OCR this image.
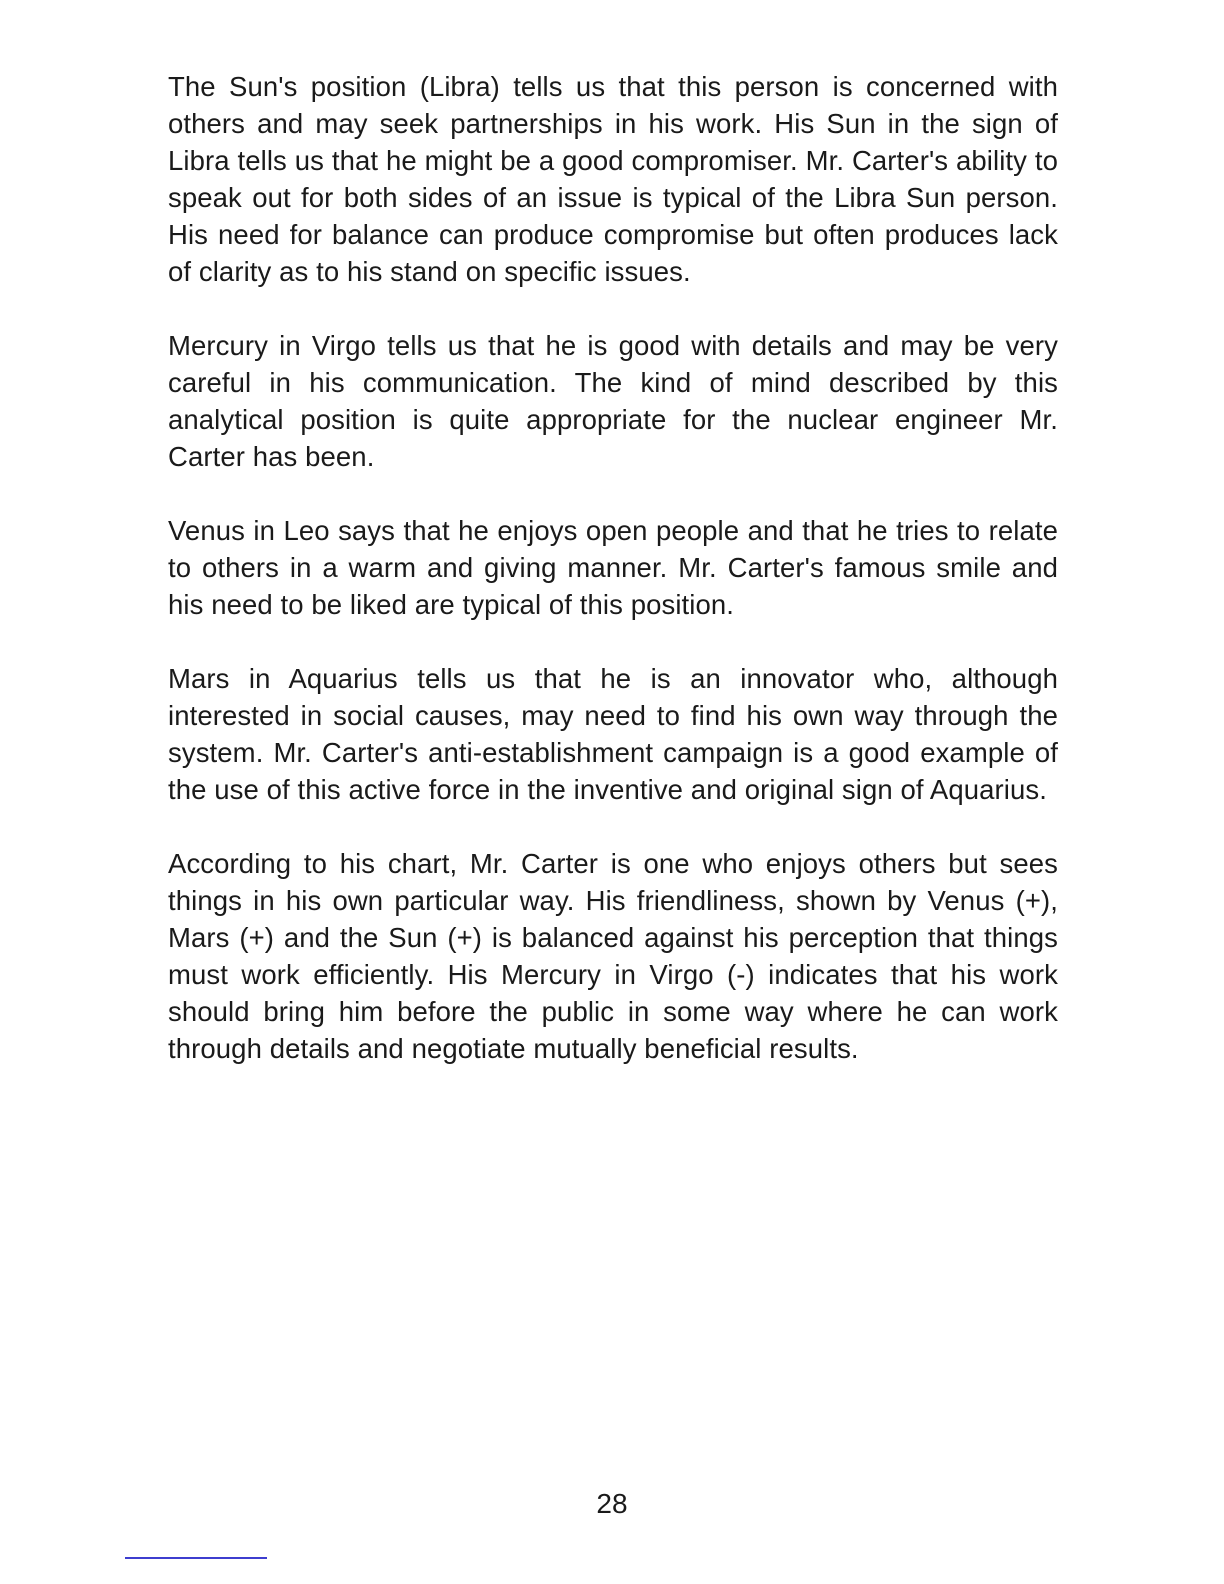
The Sun's position (Libra) tells us that this person is concerned with others and may seek partnerships in his work. His Sun in the sign of Libra tells us that he might be a good compromiser. Mr. Carter's ability to speak out for both sides of an issue is typical of the Libra Sun person. His need for balance can produce compromise but often produces lack of clarity as to his stand on specific issues.

Mercury in Virgo tells us that he is good with details and may be very careful in his communication. The kind of mind described by this analytical position is quite appropriate for the nuclear engineer Mr. Carter has been.

Venus in Leo says that he enjoys open people and that he tries to relate to others in a warm and giving manner. Mr. Carter's famous smile and his need to be liked are typical of this position.

Mars in Aquarius tells us that he is an innovator who, although interested in social causes, may need to find his own way through the system. Mr. Carter's anti-establishment campaign is a good example of the use of this active force in the inventive and original sign of Aquarius.

According to his chart, Mr. Carter is one who enjoys others but sees things in his own particular way. His friendliness, shown by Venus (+), Mars (+) and the Sun (+) is balanced against his perception that things must work efficiently. His Mercury in Virgo (-) indicates that his work should bring him before the public in some way where he can work through details and negotiate mutually beneficial results.

28
